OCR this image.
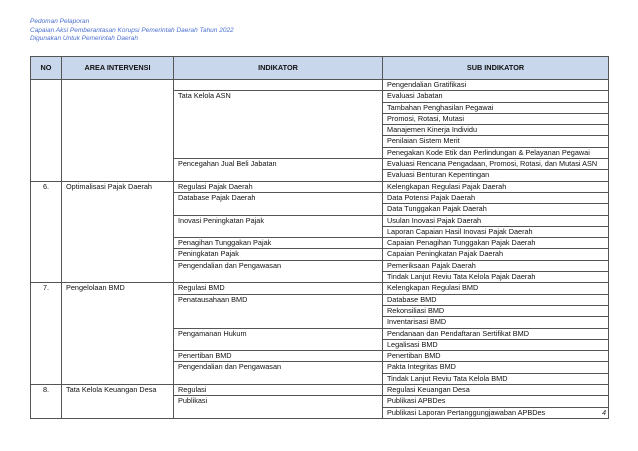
Pedoman Pelaporan
Capaian Aksi Pemberantasan Korupsi Pemerintah Daerah Tahun 2022
Digunakan Untuk Pemerintah Daerah
NO	AREA INTERVENSI	INDIKATOR	SUB INDIKATOR
			Pengendalian Gratifikasi
		Tata Kelola ASN	Evaluasi Jabatan
			Tambahan Penghasilan Pegawai
			Promosi, Rotasi, Mutasi
			Manajemen Kinerja Individu
			Penilaian Sistem Merit
			Penegakan Kode Etik dan Perlindungan & Pelayanan Pegawai
		Pencegahan Jual Beli Jabatan	Evaluasi Rencana Pengadaan, Promosi, Rotasi, dan Mutasi ASN
			Evaluasi Benturan Kepentingan
6.	Optimalisasi Pajak Daerah	Regulasi Pajak Daerah	Kelengkapan Regulasi Pajak Daerah
		Database Pajak Daerah	Data Potensi Pajak Daerah
			Data Tunggakan Pajak Daerah
		Inovasi Peningkatan Pajak	Usulan Inovasi Pajak Daerah
			Laporan Capaian Hasil Inovasi Pajak Daerah
		Penagihan Tunggakan Pajak	Capaian Penagihan Tunggakan Pajak Daerah
		Peningkatan Pajak	Capaian Peningkatan Pajak Daerah
		Pengendalian dan Pengawasan	Pemeriksaan Pajak Daerah
			Tindak Lanjut Reviu Tata Kelola Pajak Daerah
7.	Pengelolaan BMD	Regulasi BMD	Kelengkapan Regulasi BMD
		Penatausahaan BMD	Database BMD
			Rekonsiliasi BMD
			Inventarisasi BMD
		Pengamanan Hukum	Pendanaan dan Pendaftaran Sertifikat BMD
			Legalisasi BMD
		Penertiban BMD	Penertiban BMD
		Pengendalian dan Pengawasan	Pakta Integritas BMD
			Tindak Lanjut Reviu Tata Kelola BMD
8.	Tata Kelola Keuangan Desa	Regulasi	Regulasi Keuangan Desa
		Publikasi	Publikasi APBDes
			Publikasi Laporan Pertanggungjawaban APBDes	4
